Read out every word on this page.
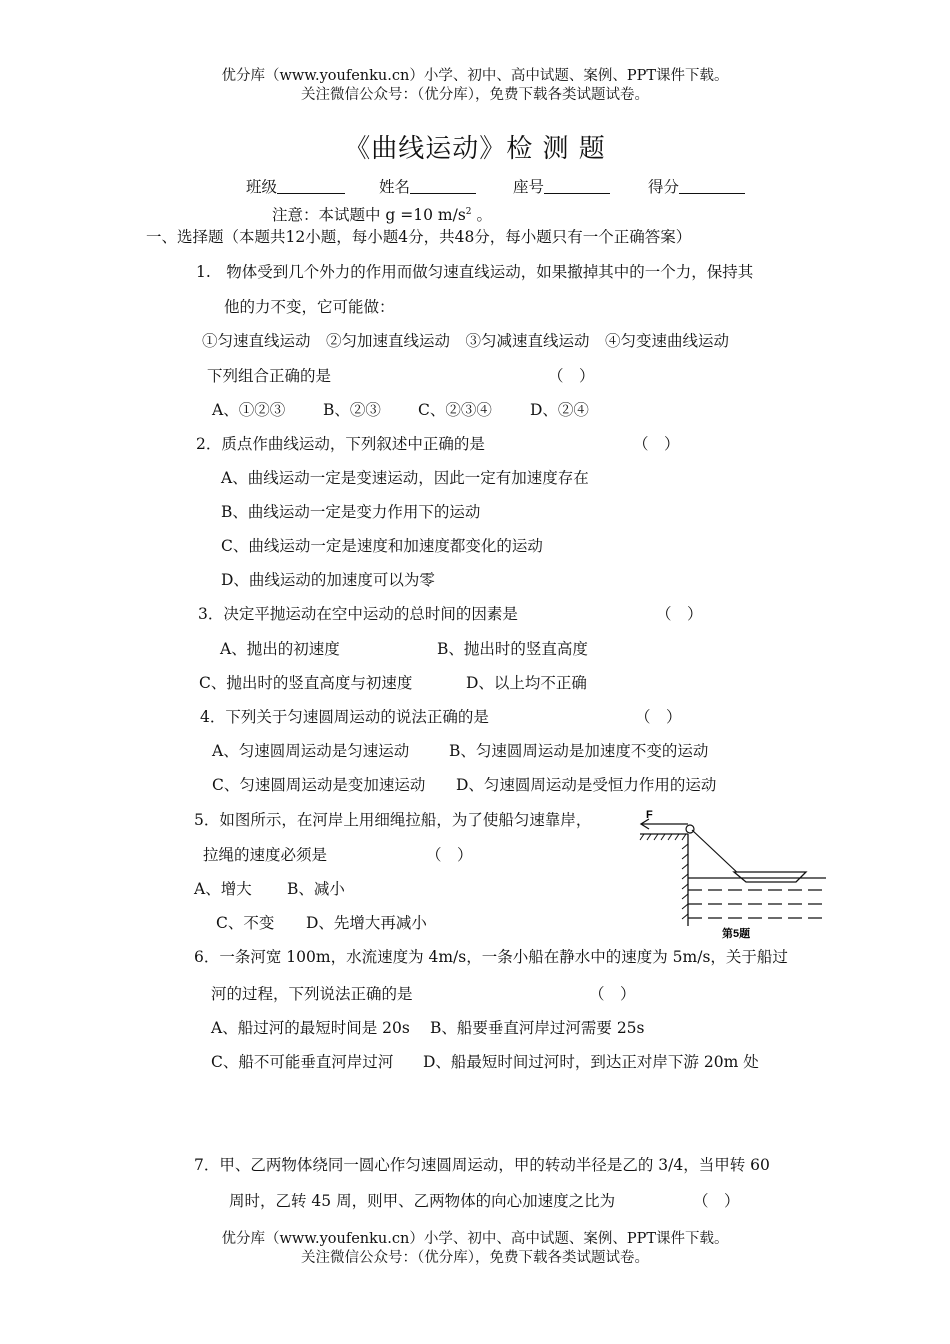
优分库（www.youfenku.cn）小学、初中、高中试题、案例、PPT课件下载。
关注微信公众号：（优分库），免费下载各类试题试卷。
《曲线运动》检 测 题
班级	姓名	座号	得分
注意：本试题中 g =10 $m/s^2$ 。
一、选择题（本题共12小题，每小题4分，共48分，每小题只有一个正确答案）
1.　物体受到几个外力的作用而做匀速直线运动，如果撤掉其中的一个力，保持其
他的力不变，它可能做：
①匀速直线运动　②匀加速直线运动　③匀减速直线运动　④匀变速曲线运动
下列组合正确的是	（　）
A、①②③ B、②③ C、②③④ D、②④
2．质点作曲线运动，下列叙述中正确的是	（　）
A、曲线运动一定是变速运动，因此一定有加速度存在
B、曲线运动一定是变力作用下的运动
C、曲线运动一定是速度和加速度都变化的运动
D、曲线运动的加速度可以为零
3．决定平抛运动在空中运动的总时间的因素是	（　）
A、抛出的初速度	B、抛出时的竖直高度
C、抛出时的竖直高度与初速度	D、以上均不正确
4．下列关于匀速圆周运动的说法正确的是	（　）
A、匀速圆周运动是匀速运动	B、匀速圆周运动是加速度不变的运动
C、匀速圆周运动是变加速运动 D、匀速圆周运动是受恒力作用的运动
5．如图所示，在河岸上用细绳拉船，为了使船匀速靠岸，
拉绳的速度必须是	（　）
A、增大 B、减小
C、不变 D、先增大再减小
F
第5题
6．一条河宽 100m，水流速度为 4m/s，一条小船在静水中的速度为 5m/s，关于船过
河的过程，下列说法正确的是	（　）
A、船过河的最短时间是 20s B、船要垂直河岸过河需要 25s
C、船不可能垂直河岸过河 D、船最短时间过河时，到达正对岸下游 20m 处
7．甲、乙两物体绕同一圆心作匀速圆周运动，甲的转动半径是乙的 3/4，当甲转 60
周时，乙转 45 周，则甲、乙两物体的向心加速度之比为	（　）
优分库（www.youfenku.cn）小学、初中、高中试题、案例、PPT课件下载。
关注微信公众号：（优分库），免费下载各类试题试卷。
